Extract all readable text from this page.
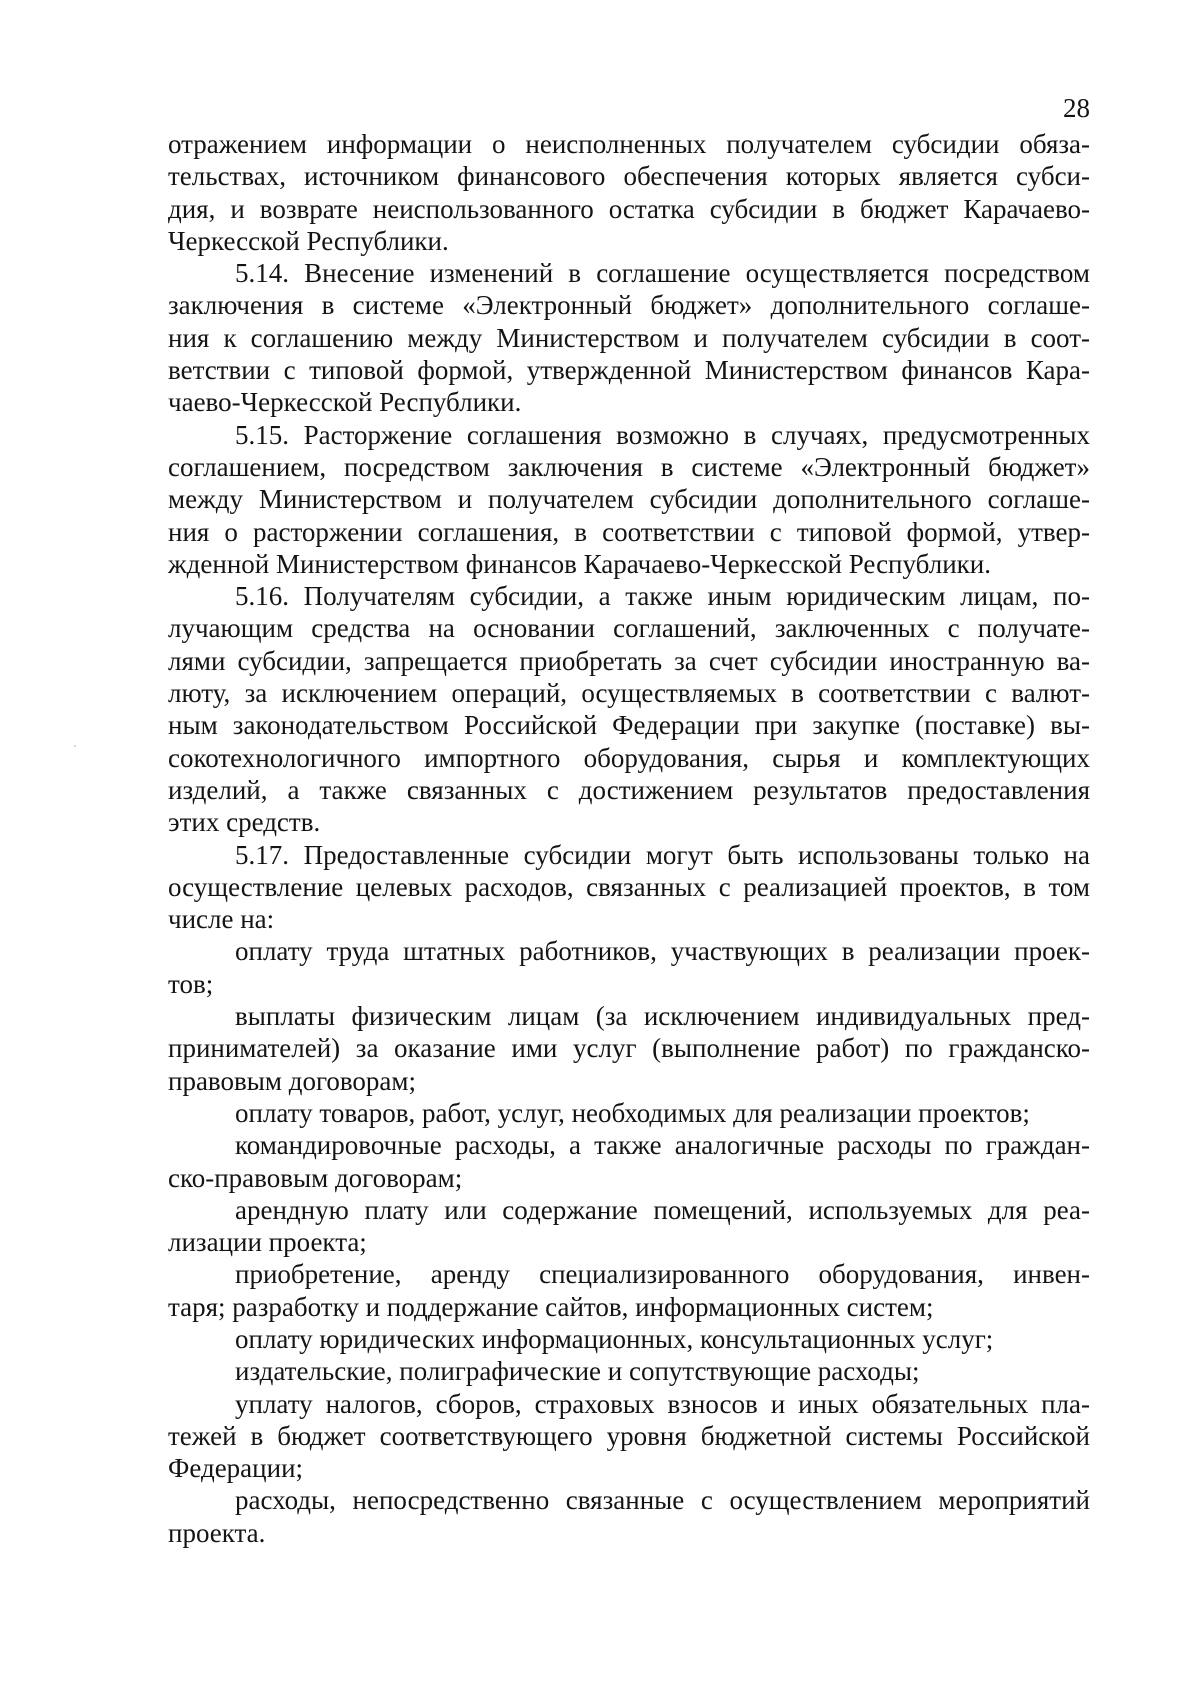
28
отражением информации о неисполненных получателем субсидии обяза-
тельствах, источником финансового обеспечения которых является субси-
дия, и возврате неиспользованного остатка субсидии в бюджет Карачаево-
Черкесской Республики.
5.14. Внесение изменений в соглашение осуществляется посредством
заключения в системе «Электронный бюджет» дополнительного соглаше-
ния к соглашению между Министерством и получателем субсидии в соот-
ветствии с типовой формой, утвержденной Министерством финансов Кара-
чаево-Черкесской Республики.
5.15. Расторжение соглашения возможно в случаях, предусмотренных
соглашением, посредством заключения в системе «Электронный бюджет»
между Министерством и получателем субсидии дополнительного соглаше-
ния о расторжении соглашения, в соответствии с типовой формой, утвер-
жденной Министерством финансов Карачаево-Черкесской Республики.
5.16. Получателям субсидии, а также иным юридическим лицам, по-
лучающим средства на основании соглашений, заключенных с получате-
лями субсидии, запрещается приобретать за счет субсидии иностранную ва-
люту, за исключением операций, осуществляемых в соответствии с валют-
ным законодательством Российской Федерации при закупке (поставке) вы-
сокотехнологичного импортного оборудования, сырья и комплектующих
изделий, а также связанных с достижением результатов предоставления
этих средств.
5.17. Предоставленные субсидии могут быть использованы только на
осуществление целевых расходов, связанных с реализацией проектов, в том
числе на:
оплату труда штатных работников, участвующих в реализации проек-
тов;
выплаты физическим лицам (за исключением индивидуальных пред-
принимателей) за оказание ими услуг (выполнение работ) по гражданско-
правовым договорам;
оплату товаров, работ, услуг, необходимых для реализации проектов;
командировочные расходы, а также аналогичные расходы по граждан-
ско-правовым договорам;
арендную плату или содержание помещений, используемых для реа-
лизации проекта;
приобретение, аренду специализированного оборудования, инвен-
таря; разработку и поддержание сайтов, информационных систем;
оплату юридических информационных, консультационных услуг;
издательские, полиграфические и сопутствующие расходы;
уплату налогов, сборов, страховых взносов и иных обязательных пла-
тежей в бюджет соответствующего уровня бюджетной системы Российской
Федерации;
расходы, непосредственно связанные с осуществлением мероприятий
проекта.
